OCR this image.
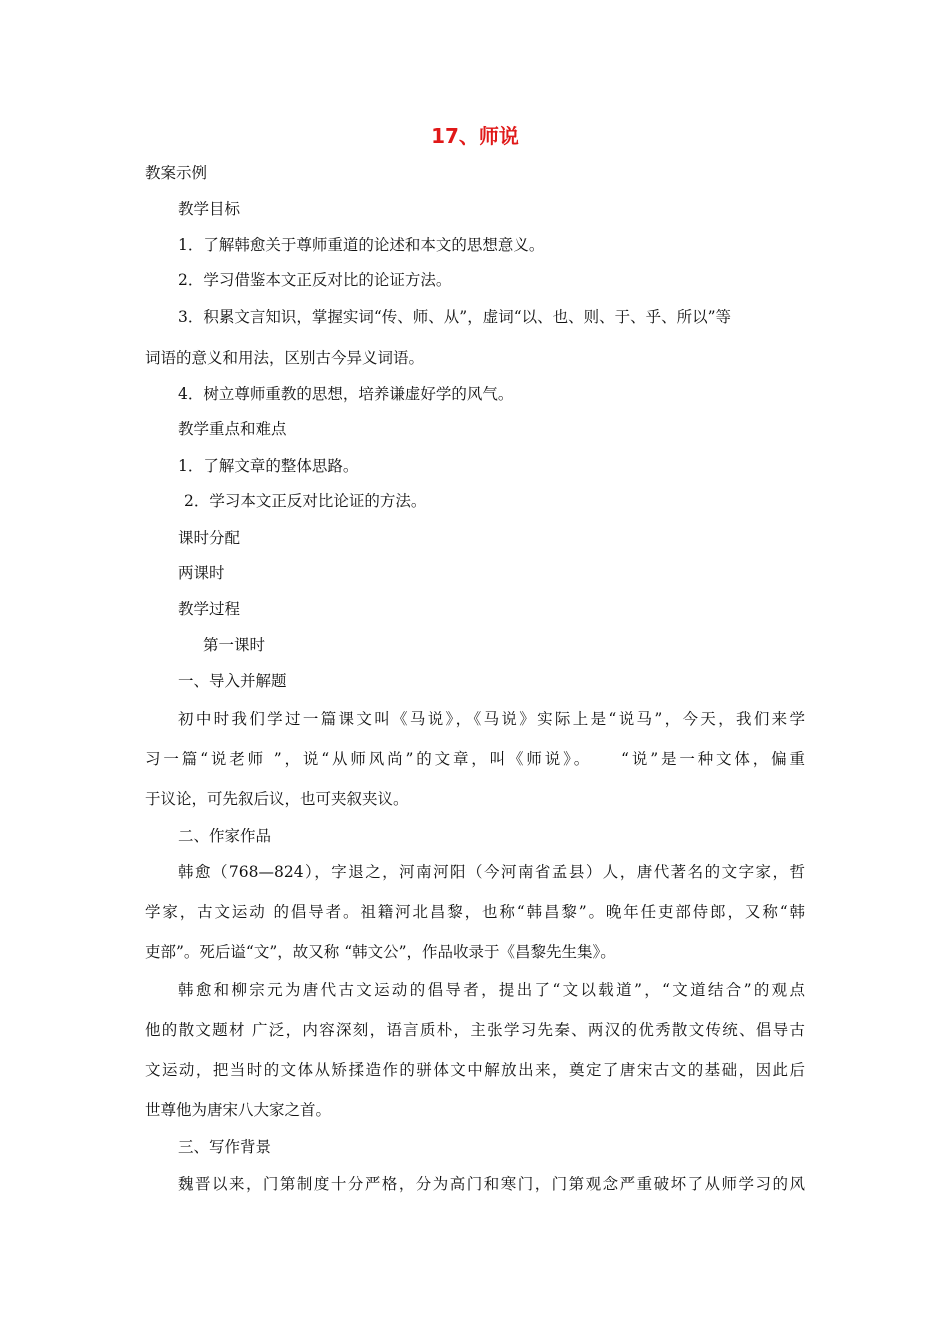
17、师说
教案示例
教学目标
1．了解韩愈关于尊师重道的论述和本文的思想意义。
2．学习借鉴本文正反对比的论证方法。
3．积累文言知识，掌握实词“传、师、从”，虚词“以、也、则、于、乎、所以”等
词语的意义和用法，区别古今异义词语。
4．树立尊师重教的思想，培养谦虚好学的风气。
教学重点和难点
1．了解文章的整体思路。
2．学习本文正反对比论证的方法。
课时分配
两课时
教学过程
第一课时
一、导入并解题
初中时我们学过一篇课文叫《马说》，《马说》实际上是“说马”，今天，我们来学
习一篇“说老师 ”，说“从师风尚”的文章，叫《师说》。　　“说”是一种文体，偏重
于议论，可先叙后议，也可夹叙夹议。
二、作家作品
韩愈（768—824），字退之，河南河阳（今河南省孟县）人，唐代著名的文字家，哲
学家，古文运动 的倡导者。祖籍河北昌黎，也称“韩昌黎”。晚年任吏部侍郎，又称“韩
吏部”。死后谥“文”，故又称 “韩文公”，作品收录于《昌黎先生集》。
韩愈和柳宗元为唐代古文运动的倡导者，提出了“文以载道”，“文道结合”的观点
他的散文题材 广泛，内容深刻，语言质朴，主张学习先秦、两汉的优秀散文传统、倡导古
文运动，把当时的文体从矫揉造作的骈体文中解放出来，奠定了唐宋古文的基础，因此后
世尊他为唐宋八大家之首。
三、写作背景
魏晋以来，门第制度十分严格，分为高门和寒门，门第观念严重破坏了从师学习的风
